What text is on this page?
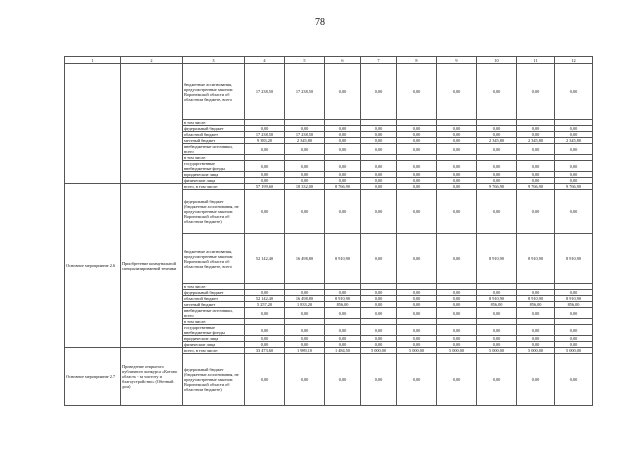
78
1	2	3	4	5	6	7	8	9	10	11	12
		бюджетные ассигнования, предусмотренные законом Воронежской области об областном бюджете, всего	17 238,50	17 238,50	0,00	0,00	0,00	0,00	0,00	0,00	0,00
		в том числе:									
		федеральный бюджет	0,00	0,00	0,00	0,00	0,00	0,00	0,00	0,00	0,00
		областной бюджет	17 238,50	17 238,50	0,00	0,00	0,00	0,00	0,00	0,00	0,00
		местный бюджет	9 383,20	2 345,80	0,00	0,00	0,00	0,00	2 345,80	2 345,80	2 345,80
		внебюджетные источники, всего	0,00	0,00	0,00	0,00	0,00	0,00	0,00	0,00	0,00
		в том числе:									
		государственные внебюджетные фонды	0,00	0,00	0,00	0,00	0,00	0,00	0,00	0,00	0,00
		юридические лица	0,00	0,00	0,00	0,00	0,00	0,00	0,00	0,00	0,00
		физические лица	0,00	0,00	0,00	0,00	0,00	0,00	0,00	0,00	0,00
Основное мероприятие 2.6	Приобретение коммунальной специализированной техники	всего, в том числе:	57 199,60	18 332,00	8 766,90	0,00	0,00	0,00	9 766,90	9 766,90	9 766,90
		федеральный бюджет (бюджетные ассигнования, не предусмотренные законом Воронежской области об областном бюджете)	0,00	0,00	0,00	0,00	0,00	0,00	0,00	0,00	0,00
		бюджетные ассигнования, предусмотренные законом Воронежской области об областном бюджете, всего	52 142,40	16 498,80	8 910,90	0,00	0,00	0,00	8 910,90	8 910,90	8 910,90
		в том числе:									
		федеральный бюджет	0,00	0,00	0,00	0,00	0,00	0,00	0,00	0,00	0,00
		областной бюджет	52 142,40	16 498,80	8 910,90	0,00	0,00	0,00	8 910,90	8 910,90	8 910,90
		местный бюджет	5 257,20	1 833,20	856,00	0,00	0,00	0,00	856,00	856,00	856,00
		внебюджетные источники, всего	0,00	0,00	0,00	0,00	0,00	0,00	0,00	0,00	0,00
		в том числе:									
		государственные внебюджетные фонды	0,00	0,00	0,00	0,00	0,00	0,00	0,00	0,00	0,00
		юридические лица	0,00	0,00	0,00	0,00	0,00	0,00	0,00	0,00	0,00
		физические лица	0,00	0,00	0,00	0,00	0,00	0,00	0,00	0,00	0,00
Основное мероприятие 2.7	Проведение открытого публичного конкурса «Котова область - за чистоту и благоустройство» (Обетный дом)	всего, в том числе:	33 473,60	1 989,10	1 484,50	5 000,00	5 000,00	5 000,00	5 000,00	5 000,00	5 000,00
		федеральный бюджет (бюджетные ассигнования, не предусмотренные законом Воронежской области об областном бюджете)	0,00	0,00	0,00	0,00	0,00	0,00	0,00	0,00	0,00
